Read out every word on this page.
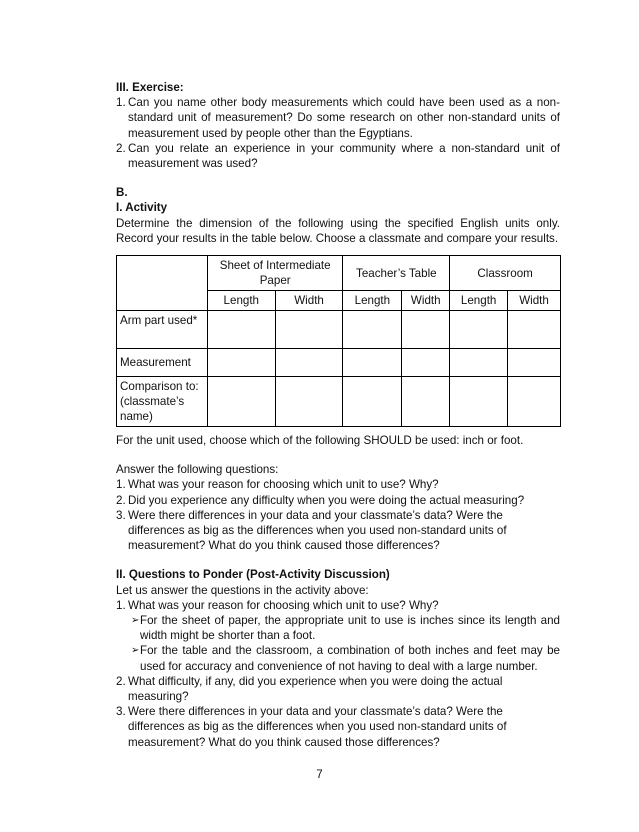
III. Exercise:

1. Can you name other body measurements which could have been used as a non-standard unit of measurement? Do some research on other non-standard units of measurement used by people other than the Egyptians.
2. Can you relate an experience in your community where a non-standard unit of measurement was used?

B.

I. Activity

Determine the dimension of the following using the specified English units only. Record your results in the table below. Choose a classmate and compare your results.

	Sheet of Intermediate Paper		Teacher’s Table		Classroom	
	Length	Width	Length	Width	Length	Width
Arm part used*						
Measurement						
Comparison to: (classmate’s name)						

For the unit used, choose which of the following SHOULD be used: inch or foot.

Answer the following questions:

1. What was your reason for choosing which unit to use? Why?
2. Did you experience any difficulty when you were doing the actual measuring?
3. Were there differences in your data and your classmate’s data? Were the differences as big as the differences when you used non-standard units of measurement? What do you think caused those differences?

II. Questions to Ponder (Post-Activity Discussion)

Let us answer the questions in the activity above:

1. What was your reason for choosing which unit to use? Why?
➢ For the sheet of paper, the appropriate unit to use is inches since its length and width might be shorter than a foot.
➢ For the table and the classroom, a combination of both inches and feet may be used for accuracy and convenience of not having to deal with a large number.
2. What difficulty, if any, did you experience when you were doing the actual measuring?
3. Were there differences in your data and your classmate’s data? Were the differences as big as the differences when you used non-standard units of measurement? What do you think caused those differences?
7
